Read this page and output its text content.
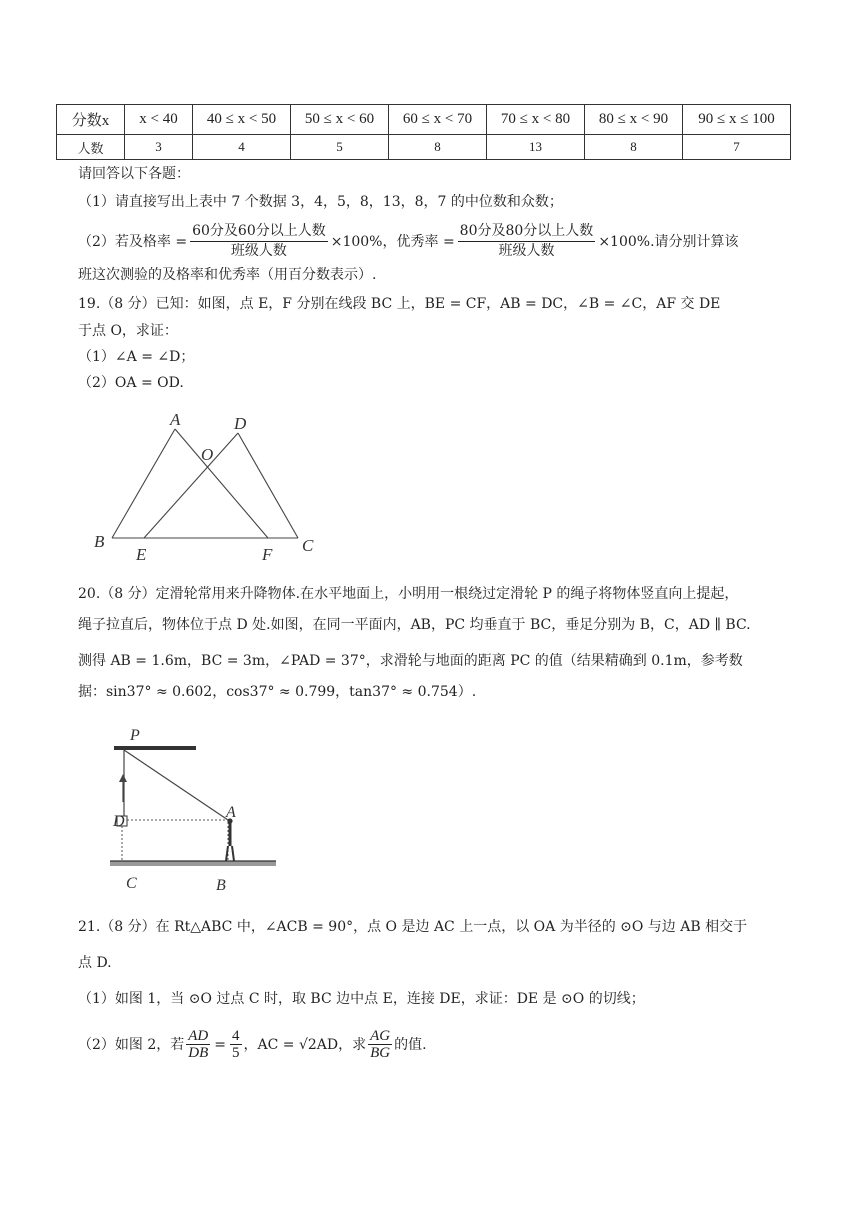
分数x	x < 40	40 ≤ x < 50	50 ≤ x < 60	60 ≤ x < 70	70 ≤ x < 80	80 ≤ x < 90	90 ≤ x ≤ 100
人数	3	4	5	8	13	8	7
请回答以下各题：
（1）请直接写出上表中 7 个数据 3，4，5，8，13，8，7 的中位数和众数；
（2）若及格率 = $\frac{\text{60分及60分以上人数}}{\text{班级人数}} \times 100\%$，优秀率 = $\frac{\text{80分及80分以上人数}}{\text{班级人数}} \times 100\%$.请分别计算该
班这次测验的及格率和优秀率（用百分数表示）.
19.（8 分）已知：如图，点 E，F 分别在线段 BC 上，BE = CF，AB = DC，∠B = ∠C，AF 交 DE
于点 O，求证：
（1）∠A = ∠D；
（2）OA = OD.
A	D
O
B
E	F C
20.（8 分）定滑轮常用来升降物体.在水平地面上，小明用一根绕过定滑轮 P 的绳子将物体竖直向上提起，
绳子拉直后，物体位于点 D 处.如图，在同一平面内，AB，PC 均垂直于 BC，垂足分别为 B，C，AD ∥ BC.
测得 AB = 1.6m，BC = 3m，∠PAD = 37°，求滑轮与地面的距离 PC 的值（结果精确到 0.1m，参考数
据：sin37° ≈ 0.602，cos37° ≈ 0.799，tan37° ≈ 0.754）.
P
D
A
C	B
21.（8 分）在 Rt△ABC 中，∠ACB = 90°，点 O 是边 AC 上一点，以 OA 为半径的 ⊙O 与边 AB 相交于
点 D.
（1）如图 1，当 ⊙O 过点 C 时，取 BC 边中点 E，连接 DE，求证：DE 是 ⊙O 的切线；
（2）如图 2，若 $\frac{AD}{DB} = \frac{4}{5}$ ，AC = √2AD，求 $\frac{AG}{BG}$ 的值.
